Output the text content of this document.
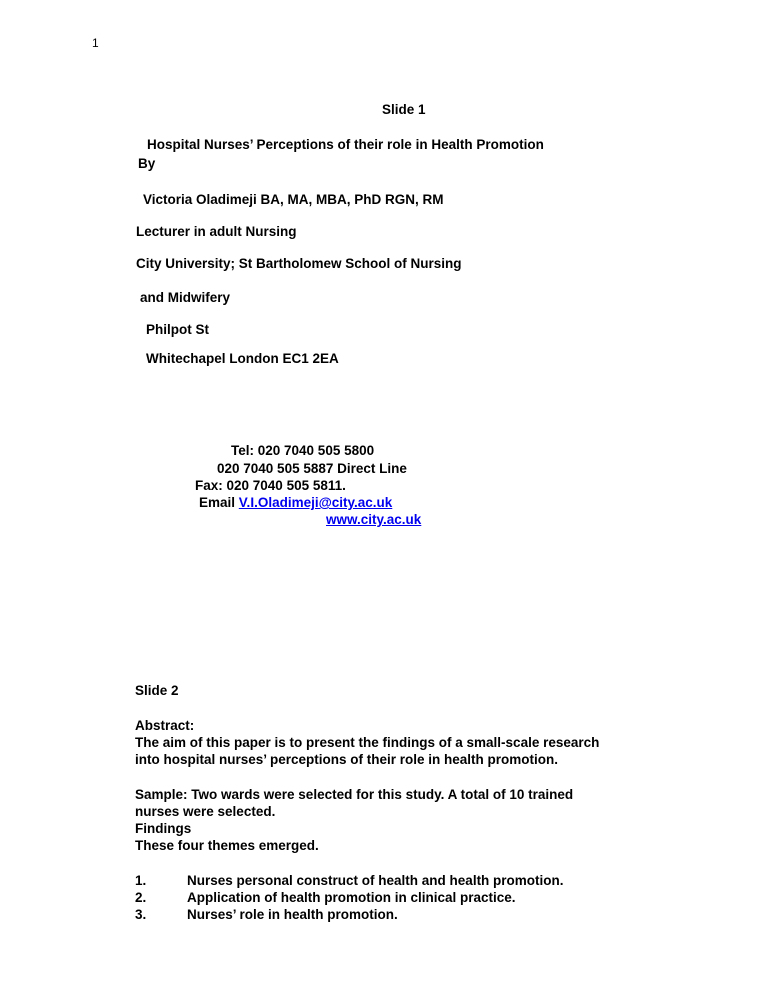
1
Slide 1
Hospital Nurses’ Perceptions of their role in Health Promotion
By
Victoria Oladimeji BA, MA, MBA, PhD RGN, RM
Lecturer in adult Nursing
City University; St Bartholomew School of Nursing
and Midwifery
Philpot St
Whitechapel London EC1 2EA
Tel: 020 7040 505 5800
020 7040 505 5887 Direct Line
Fax: 020 7040 505 5811.
Email V.I.Oladimeji@city.ac.uk
www.city.ac.uk
Slide 2
Abstract:
The aim of this paper is to present the findings of a small-scale research
into hospital nurses’ perceptions of their role in health promotion.
Sample: Two wards were selected for this study. A total of 10 trained
nurses were selected.
Findings
These four themes emerged.
1.	Nurses personal construct of health and health promotion.
2.	Application of health promotion in clinical practice.
3.	Nurses’ role in health promotion.
